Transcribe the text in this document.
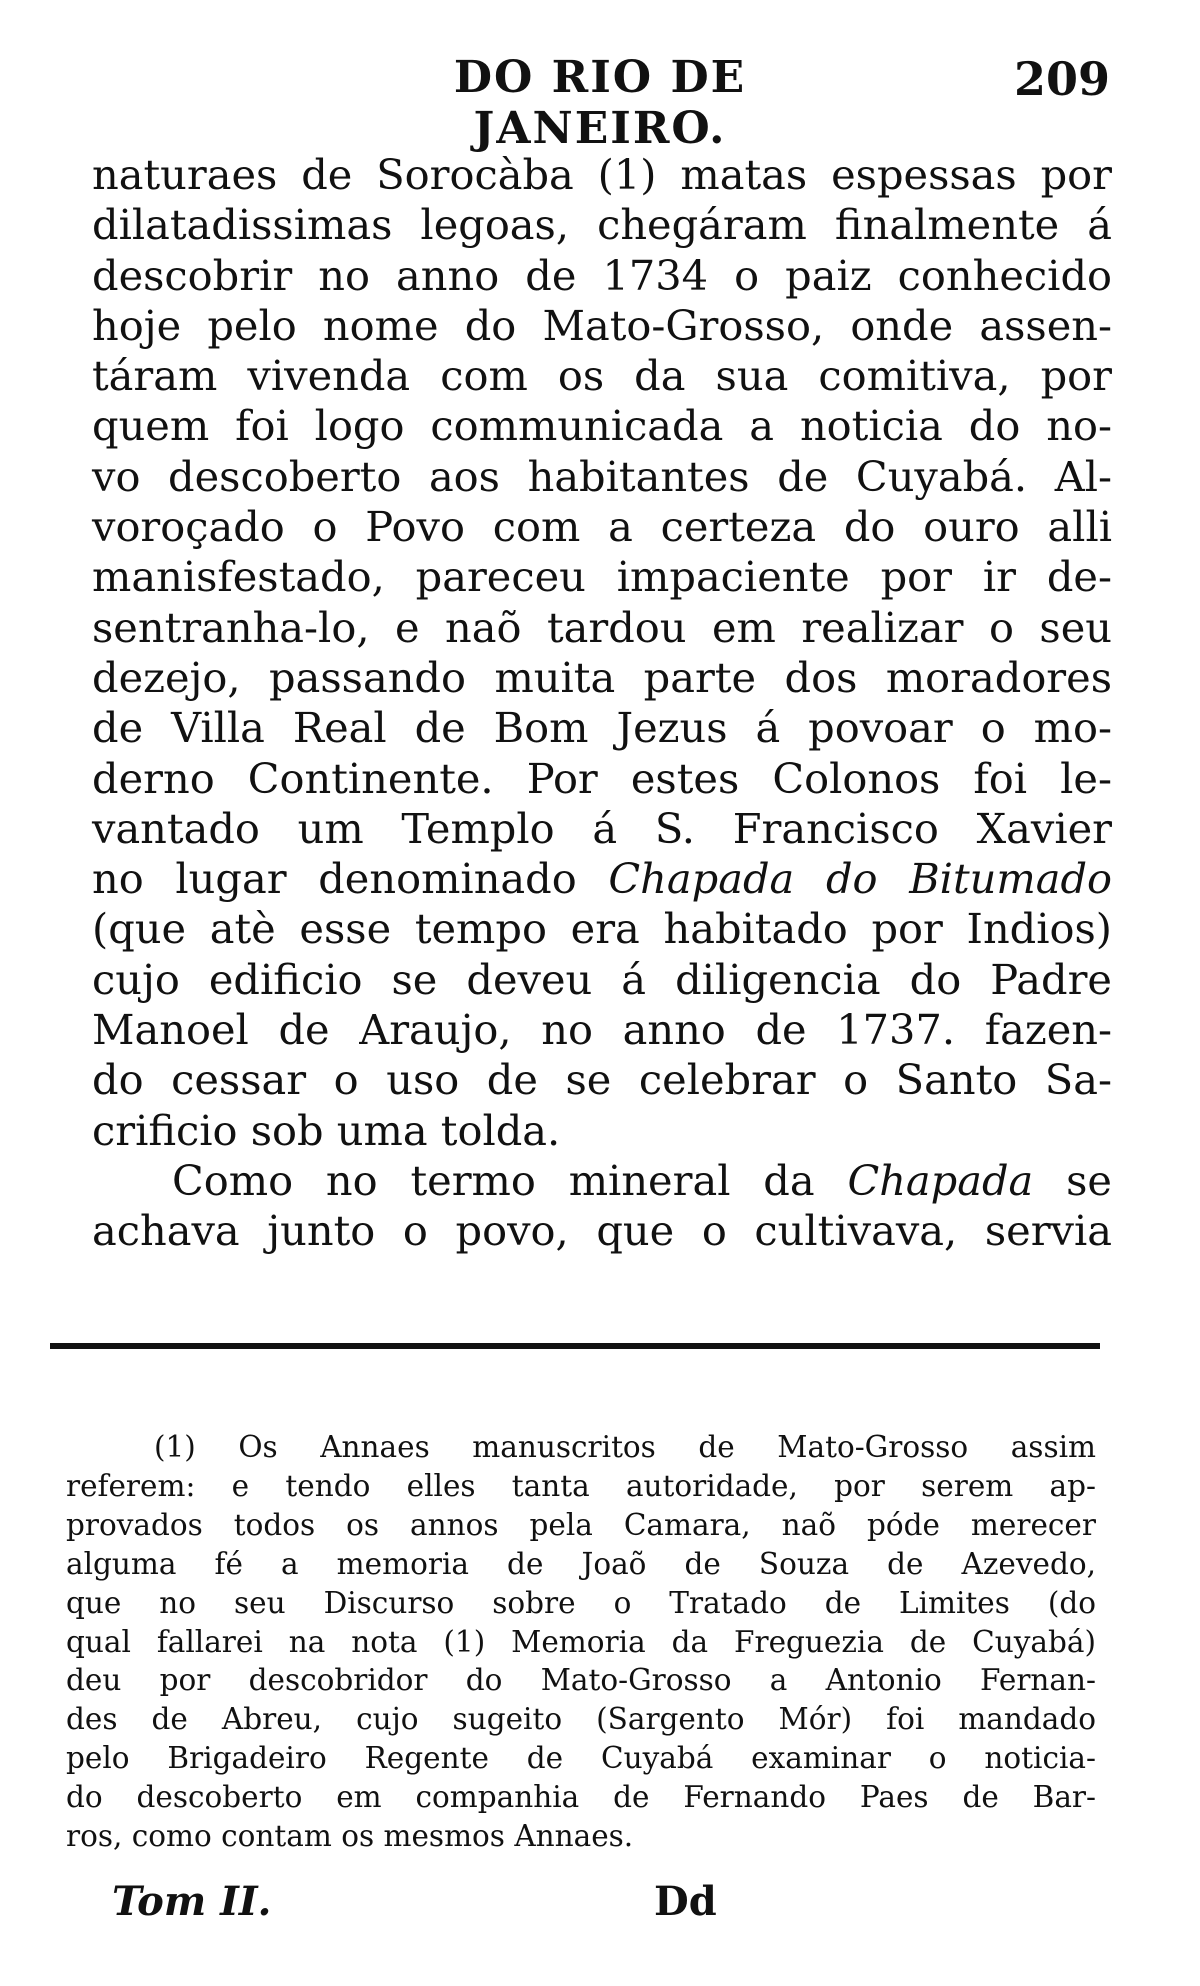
DO RIO DE JANEIRO.
209
naturaes de Sorocàba (1) matas espessas por
dilatadissimas legoas, chegáram finalmente á
descobrir no anno de 1734 o paiz conhecido
hoje pelo nome do Mato-Grosso, onde assen-
táram vivenda com os da sua comitiva, por
quem foi logo communicada a noticia do no-
vo descoberto aos habitantes de Cuyabá. Al-
voroçado o Povo com a certeza do ouro alli
manisfestado, pareceu impaciente por ir de-
sentranha-lo, e naõ tardou em realizar o seu
dezejo, passando muita parte dos moradores
de Villa Real de Bom Jezus á povoar o mo-
derno Continente. Por estes Colonos foi le-
vantado um Templo á S. Francisco Xavier
no lugar denominado Chapada do Bitumado
(que atè esse tempo era habitado por Indios)
cujo edificio se deveu á diligencia do Padre
Manoel de Araujo, no anno de 1737. fazen-
do cessar o uso de se celebrar o Santo Sa-
crificio sob uma tolda.
Como no termo mineral da Chapada se
achava junto o povo, que o cultivava, servia
(1) Os Annaes manuscritos de Mato-Grosso assim
referem: e tendo elles tanta autoridade, por serem ap-
provados todos os annos pela Camara, naõ póde merecer
alguma fé a memoria de Joaõ de Souza de Azevedo,
que no seu Discurso sobre o Tratado de Limites (do
qual fallarei na nota (1) Memoria da Freguezia de Cuyabá)
deu por descobridor do Mato-Grosso a Antonio Fernan-
des de Abreu, cujo sugeito (Sargento Mór) foi mandado
pelo Brigadeiro Regente de Cuyabá examinar o noticia-
do descoberto em companhia de Fernando Paes de Bar-
ros, como contam os mesmos Annaes.
Tom II.	Dd
